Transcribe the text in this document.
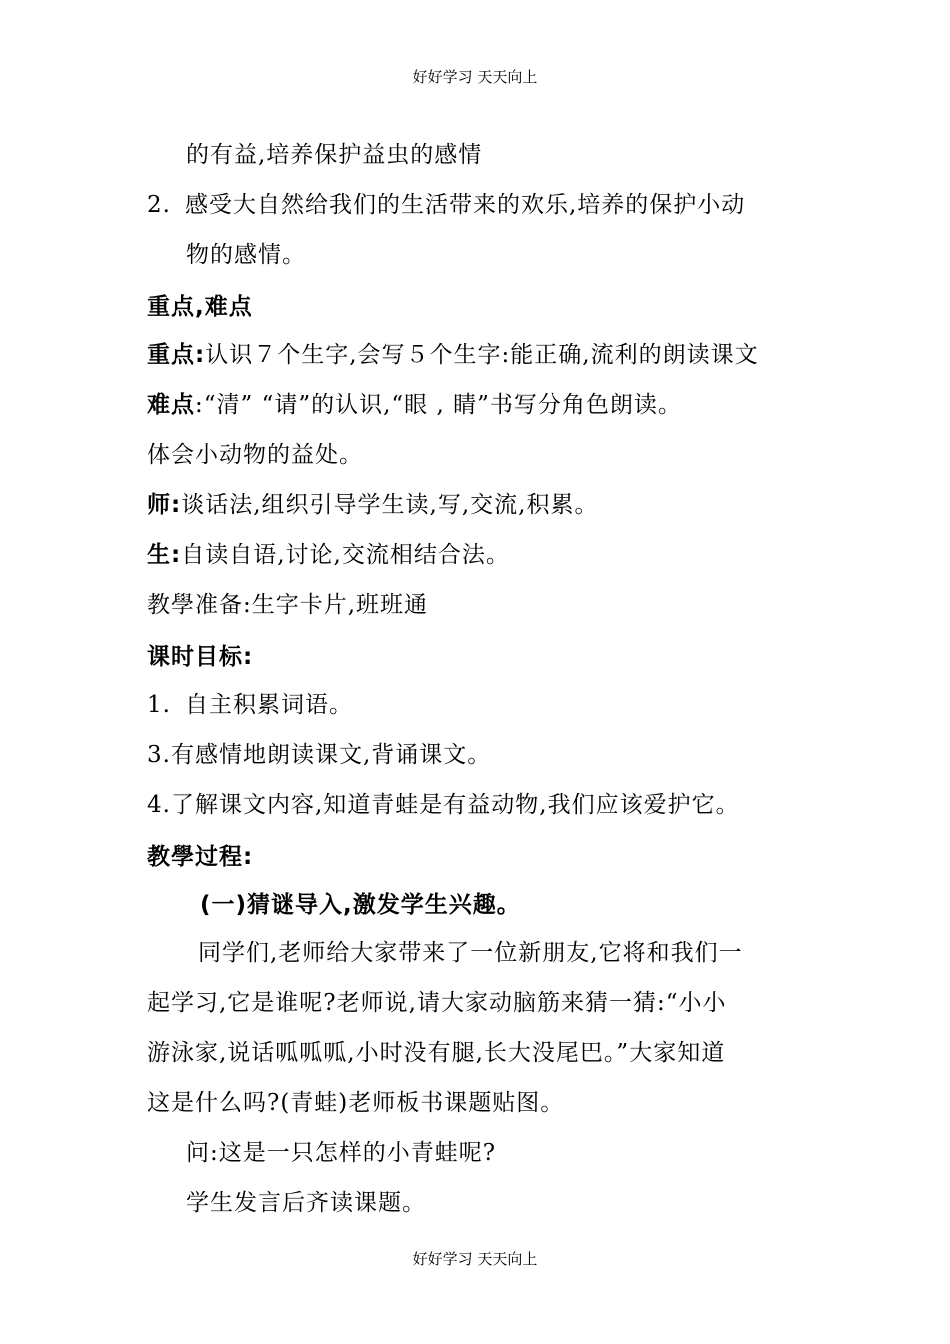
好好学习 天天向上
的有益,培养保护益虫的感情
2. 感受大自然给我们的生活带来的欢乐,培养的保护小动
物的感情。
重点,难点
重点:认识７个生字,会写５个生字:能正确,流利的朗读课文
难点:“清” “请”的认识,“眼 , 睛”书写分角色朗读。
体会小动物的益处。
师:谈话法,组织引导学生读,写,交流,积累。
生:自读自语,讨论,交流相结合法。
教學准备:生字卡片,班班通
课时目标:
1. 自主积累词语。
3.有感情地朗读课文,背诵课文。
4.了解课文内容,知道青蛙是有益动物,我们应该爱护它。
教學过程:
(一)猜谜导入,激发学生兴趣。
同学们,老师给大家带来了一位新朋友,它将和我们一
起学习,它是谁呢?老师说,请大家动脑筋来猜一猜:“小小
游泳家,说话呱呱呱,小时没有腿,长大没尾巴。”大家知道
这是什么吗?(青蛙)老师板书课题贴图。
问:这是一只怎样的小青蛙呢?
学生发言后齐读课题。
好好学习 天天向上
